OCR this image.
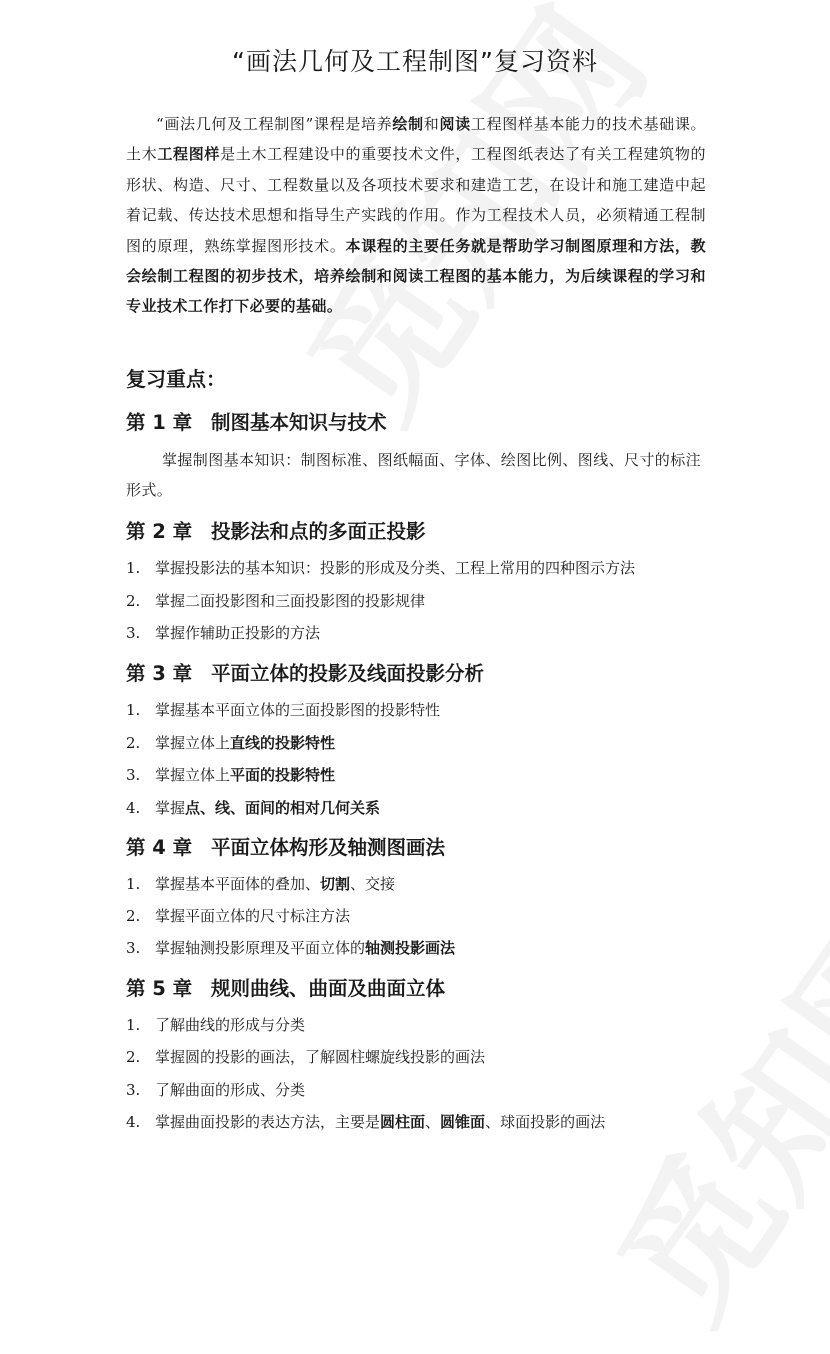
“画法几何及工程制图”复习资料

“画法几何及工程制图”课程是培养绘制和阅读工程图样基本能力的技术基础课。土木工程图样是土木工程建设中的重要技术文件，工程图纸表达了有关工程建筑物的形状、构造、尺寸、工程数量以及各项技术要求和建造工艺，在设计和施工建造中起着记载、传达技术思想和指导生产实践的作用。作为工程技术人员，必须精通工程制图的原理，熟练掌握图形技术。本课程的主要任务就是帮助学习制图原理和方法，教会绘制工程图的初步技术，培养绘制和阅读工程图的基本能力，为后续课程的学习和专业技术工作打下必要的基础。

复习重点：
第 1 章 制图基本知识与技术

掌握制图基本知识：制图标准、图纸幅面、字体、绘图比例、图线、尺寸的标注形式。

第 2 章 投影法和点的多面正投影
1. 掌握投影法的基本知识：投影的形成及分类、工程上常用的四种图示方法
2. 掌握二面投影图和三面投影图的投影规律
3. 掌握作辅助正投影的方法
第 3 章 平面立体的投影及线面投影分析
1. 掌握基本平面立体的三面投影图的投影特性
2. 掌握立体上直线的投影特性
3. 掌握立体上平面的投影特性
4. 掌握点、线、面间的相对几何关系
第 4 章 平面立体构形及轴测图画法
1. 掌握基本平面体的叠加、切割、交接
2. 掌握平面立体的尺寸标注方法
3. 掌握轴测投影原理及平面立体的轴测投影画法
第 5 章 规则曲线、曲面及曲面立体
1. 了解曲线的形成与分类
2. 掌握圆的投影的画法，了解圆柱螺旋线投影的画法
3. 了解曲面的形成、分类
4. 掌握曲面投影的表达方法，主要是圆柱面、圆锥面、球面投影的画法
